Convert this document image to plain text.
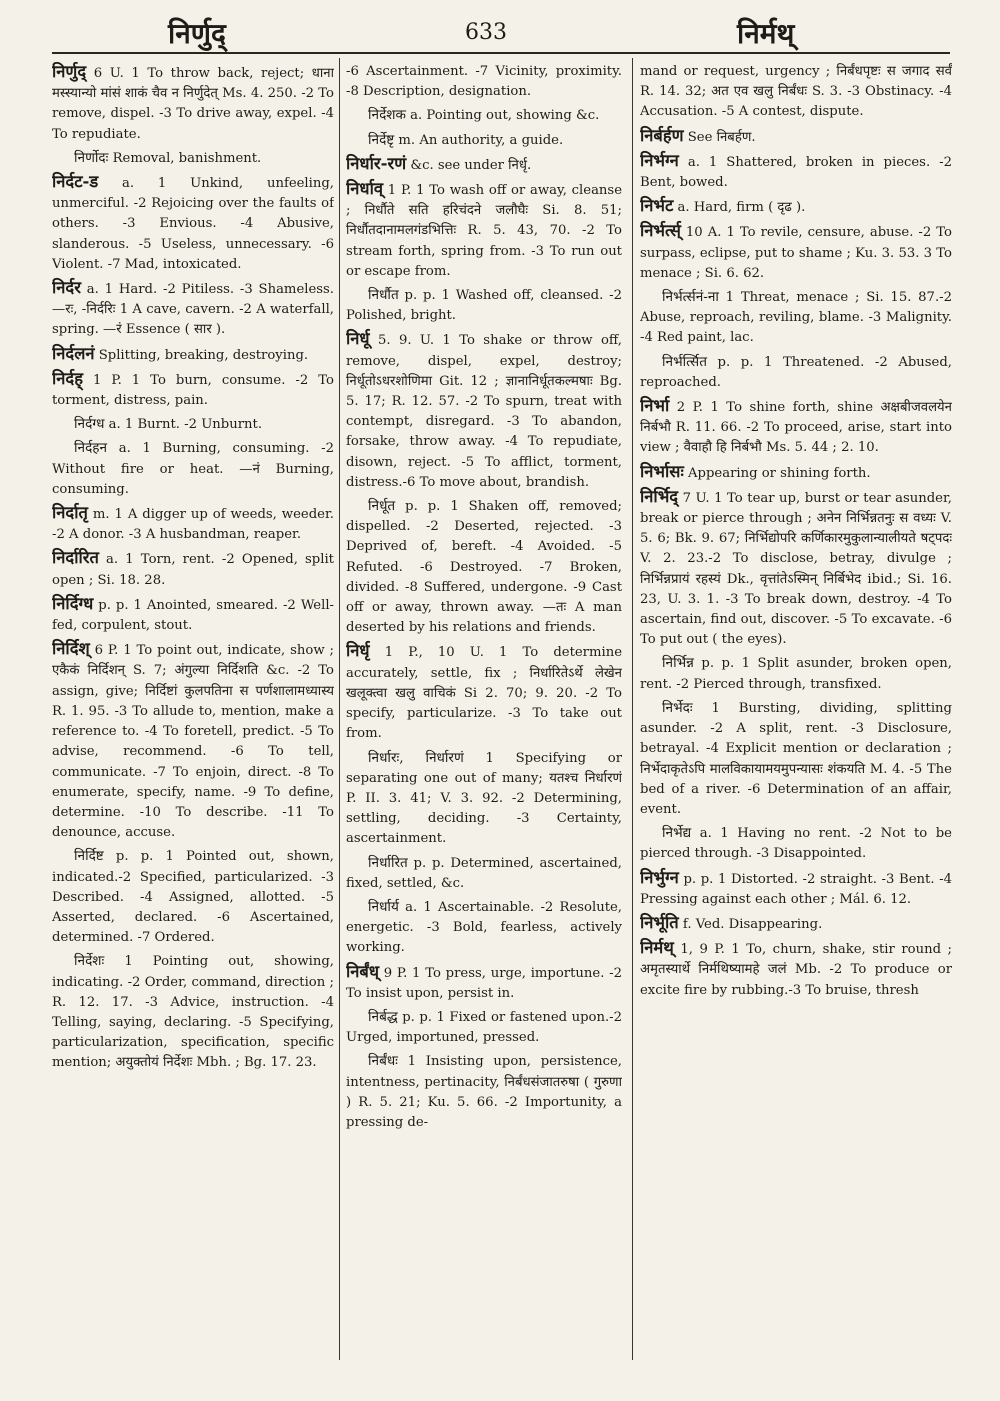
निर्णुद्	633	निर्मथ्

निर्णुद् 6 U. 1 To throw back, reject; धाना मस्स्यान्यो मांसं शाकं चैव न निर्णुदेत् Ms. 4. 250. -2 To remove, dispel. -3 To drive away, expel. -4 To repudiate.

निर्णोदः Removal, banishment.

निर्दट-ड a. 1 Unkind, unfeeling, unmerciful. -2 Rejoicing over the faults of others. -3 Envious. -4 Abusive, slanderous. -5 Useless, unnecessary. -6 Violent. -7 Mad, intoxicated.

निर्दर a. 1 Hard. -2 Pitiless. -3 Shameless. —रः, -निर्दरिः 1 A cave, cavern. -2 A waterfall, spring. —रं Essence ( सार ).

निर्दलनं Splitting, breaking, destroying.

निर्दह् 1 P. 1 To burn, consume. -2 To torment, distress, pain.

निर्दग्ध a. 1 Burnt. -2 Unburnt.

निर्दहन a. 1 Burning, consuming. -2 Without fire or heat. —नं Burning, consuming.

निर्दातृ m. 1 A digger up of weeds, weeder. -2 A donor. -3 A husbandman, reaper.

निर्दारित a. 1 Torn, rent. -2 Opened, split open ; Si. 18. 28.

निर्दिग्ध p. p. 1 Anointed, smeared. -2 Well-fed, corpulent, stout.

निर्दिश् 6 P. 1 To point out, indicate, show ; एकैकं निर्दिशन् S. 7; अंगुल्या निर्दिशति &c. -2 To assign, give; निर्दिष्टां कुलपतिना स पर्णशालामध्यास्य R. 1. 95. -3 To allude to, mention, make a reference to. -4 To foretell, predict. -5 To advise, recommend. -6 To tell, communicate. -7 To enjoin, direct. -8 To enumerate, specify, name. -9 To define, determine. -10 To describe. -11 To denounce, accuse.

निर्दिष्ट p. p. 1 Pointed out, shown, indicated.-2 Specified, particularized. -3 Described. -4 Assigned, allotted. -5 Asserted, declared. -6 Ascertained, determined. -7 Ordered.

निर्देशः 1 Pointing out, showing, indicating. -2 Order, command, direction ; R. 12. 17. -3 Advice, instruction. -4 Telling, saying, declaring. -5 Specifying, particularization, specification, specific mention; अयुक्तोयं निर्देशः Mbh. ; Bg. 17. 23.

-6 Ascertainment. -7 Vicinity, proximity. -8 Description, designation.

निर्देशक a. Pointing out, showing &c.

निर्देष्टृ m. An authority, a guide.

निर्धार-रणं &c. see under निर्धृ.

निर्धाव् 1 P. 1 To wash off or away, cleanse ; निर्धौते सति हरिचंदने जलौघैः Si. 8. 51; निर्धौतदानामलगंडभित्तिः R. 5. 43, 70. -2 To stream forth, spring from. -3 To run out or escape from.

निर्धौत p. p. 1 Washed off, cleansed. -2 Polished, bright.

निर्धू 5. 9. U. 1 To shake or throw off, remove, dispel, expel, destroy; निर्धूतोऽधरशोणिमा Git. 12 ; ज्ञानानिर्धूतकल्मषाः Bg. 5. 17; R. 12. 57. -2 To spurn, treat with contempt, disregard. -3 To abandon, forsake, throw away. -4 To repudiate, disown, reject. -5 To afflict, torment, distress.-6 To move about, brandish.

निर्धूत p. p. 1 Shaken off, removed; dispelled. -2 Deserted, rejected. -3 Deprived of, bereft. -4 Avoided. -5 Refuted. -6 Destroyed. -7 Broken, divided. -8 Suffered, undergone. -9 Cast off or away, thrown away. —तः A man deserted by his relations and friends.

निर्धृ 1 P., 10 U. 1 To determine accurately, settle, fix ; निर्धारितेऽर्थे लेखेन खलूक्त्वा खलु वाचिकं Si 2. 70; 9. 20. -2 To specify, particularize. -3 To take out from.

निर्धारः, निर्धारणं 1 Specifying or separating one out of many; यतश्च निर्धारणं P. II. 3. 41; V. 3. 92. -2 Determining, settling, deciding. -3 Certainty, ascertainment.

निर्धारित p. p. Determined, ascertained, fixed, settled, &c.

निर्धार्य a. 1 Ascertainable. -2 Resolute, energetic. -3 Bold, fearless, actively working.

निर्बंध् 9 P. 1 To press, urge, importune. -2 To insist upon, persist in.

निर्बद्ध p. p. 1 Fixed or fastened upon.-2 Urged, importuned, pressed.

निर्बंधः 1 Insisting upon, persistence, intentness, pertinacity, निर्बंधसंजातरुषा ( गुरुणा ) R. 5. 21; Ku. 5. 66. -2 Importunity, a pressing de-

mand or request, urgency ; निर्बंधपृष्टः स जगाद सर्वं R. 14. 32; अत एव खलु निर्बंधः S. 3. -3 Obstinacy. -4 Accusation. -5 A contest, dispute.

निर्बर्हण See निबर्हण.

निर्भग्न a. 1 Shattered, broken in pieces. -2 Bent, bowed.

निर्भट a. Hard, firm ( दृढ ).

निर्भर्त्स् 10 A. 1 To revile, censure, abuse. -2 To surpass, eclipse, put to shame ; Ku. 3. 53. 3 To menace ; Si. 6. 62.

निर्भर्त्सनं-ना 1 Threat, menace ; Si. 15. 87.-2 Abuse, reproach, reviling, blame. -3 Malignity. -4 Red paint, lac.

निर्भर्त्सित p. p. 1 Threatened. -2 Abused, reproached.

निर्भा 2 P. 1 To shine forth, shine अक्षबीजवलयेन निर्बभौ R. 11. 66. -2 To proceed, arise, start into view ; वैवाहौ हि निर्बभौ Ms. 5. 44 ; 2. 10.

निर्भासः Appearing or shining forth.

निर्भिद् 7 U. 1 To tear up, burst or tear asunder, break or pierce through ; अनेन निर्भिन्नतनुः स वध्यः V. 5. 6; Bk. 9. 67; निर्भिद्योपरि कर्णिकारमुकुलान्यालीयते षट्पदः V. 2. 23.-2 To disclose, betray, divulge ; निर्भिन्नप्रायं रहस्यं Dk., वृत्तांतेऽस्मिन् निर्बिभेद ibid.; Si. 16. 23, U. 3. 1. -3 To break down, destroy. -4 To ascertain, find out, discover. -5 To excavate. -6 To put out ( the eyes).

निर्भिन्न p. p. 1 Split asunder, broken open, rent. -2 Pierced through, transfixed.

निर्भेदः 1 Bursting, dividing, splitting asunder. -2 A split, rent. -3 Disclosure, betrayal. -4 Explicit mention or declaration ; निर्भेदाकृतेऽपि मालविकायामयमुपन्यासः शंकयति M. 4. -5 The bed of a river. -6 Determination of an affair, event.

निर्भेद्य a. 1 Having no rent. -2 Not to be pierced through. -3 Disappointed.

निर्भुग्न p. p. 1 Distorted. -2 straight. -3 Bent. -4 Pressing against each other ; Mál. 6. 12.

निर्भूति f. Ved. Disappearing.

निर्मथ् 1, 9 P. 1 To, churn, shake, stir round ; अमृतस्यार्थे निर्मथिष्यामहे जलं Mb. -2 To produce or excite fire by rubbing.-3 To bruise, thresh
